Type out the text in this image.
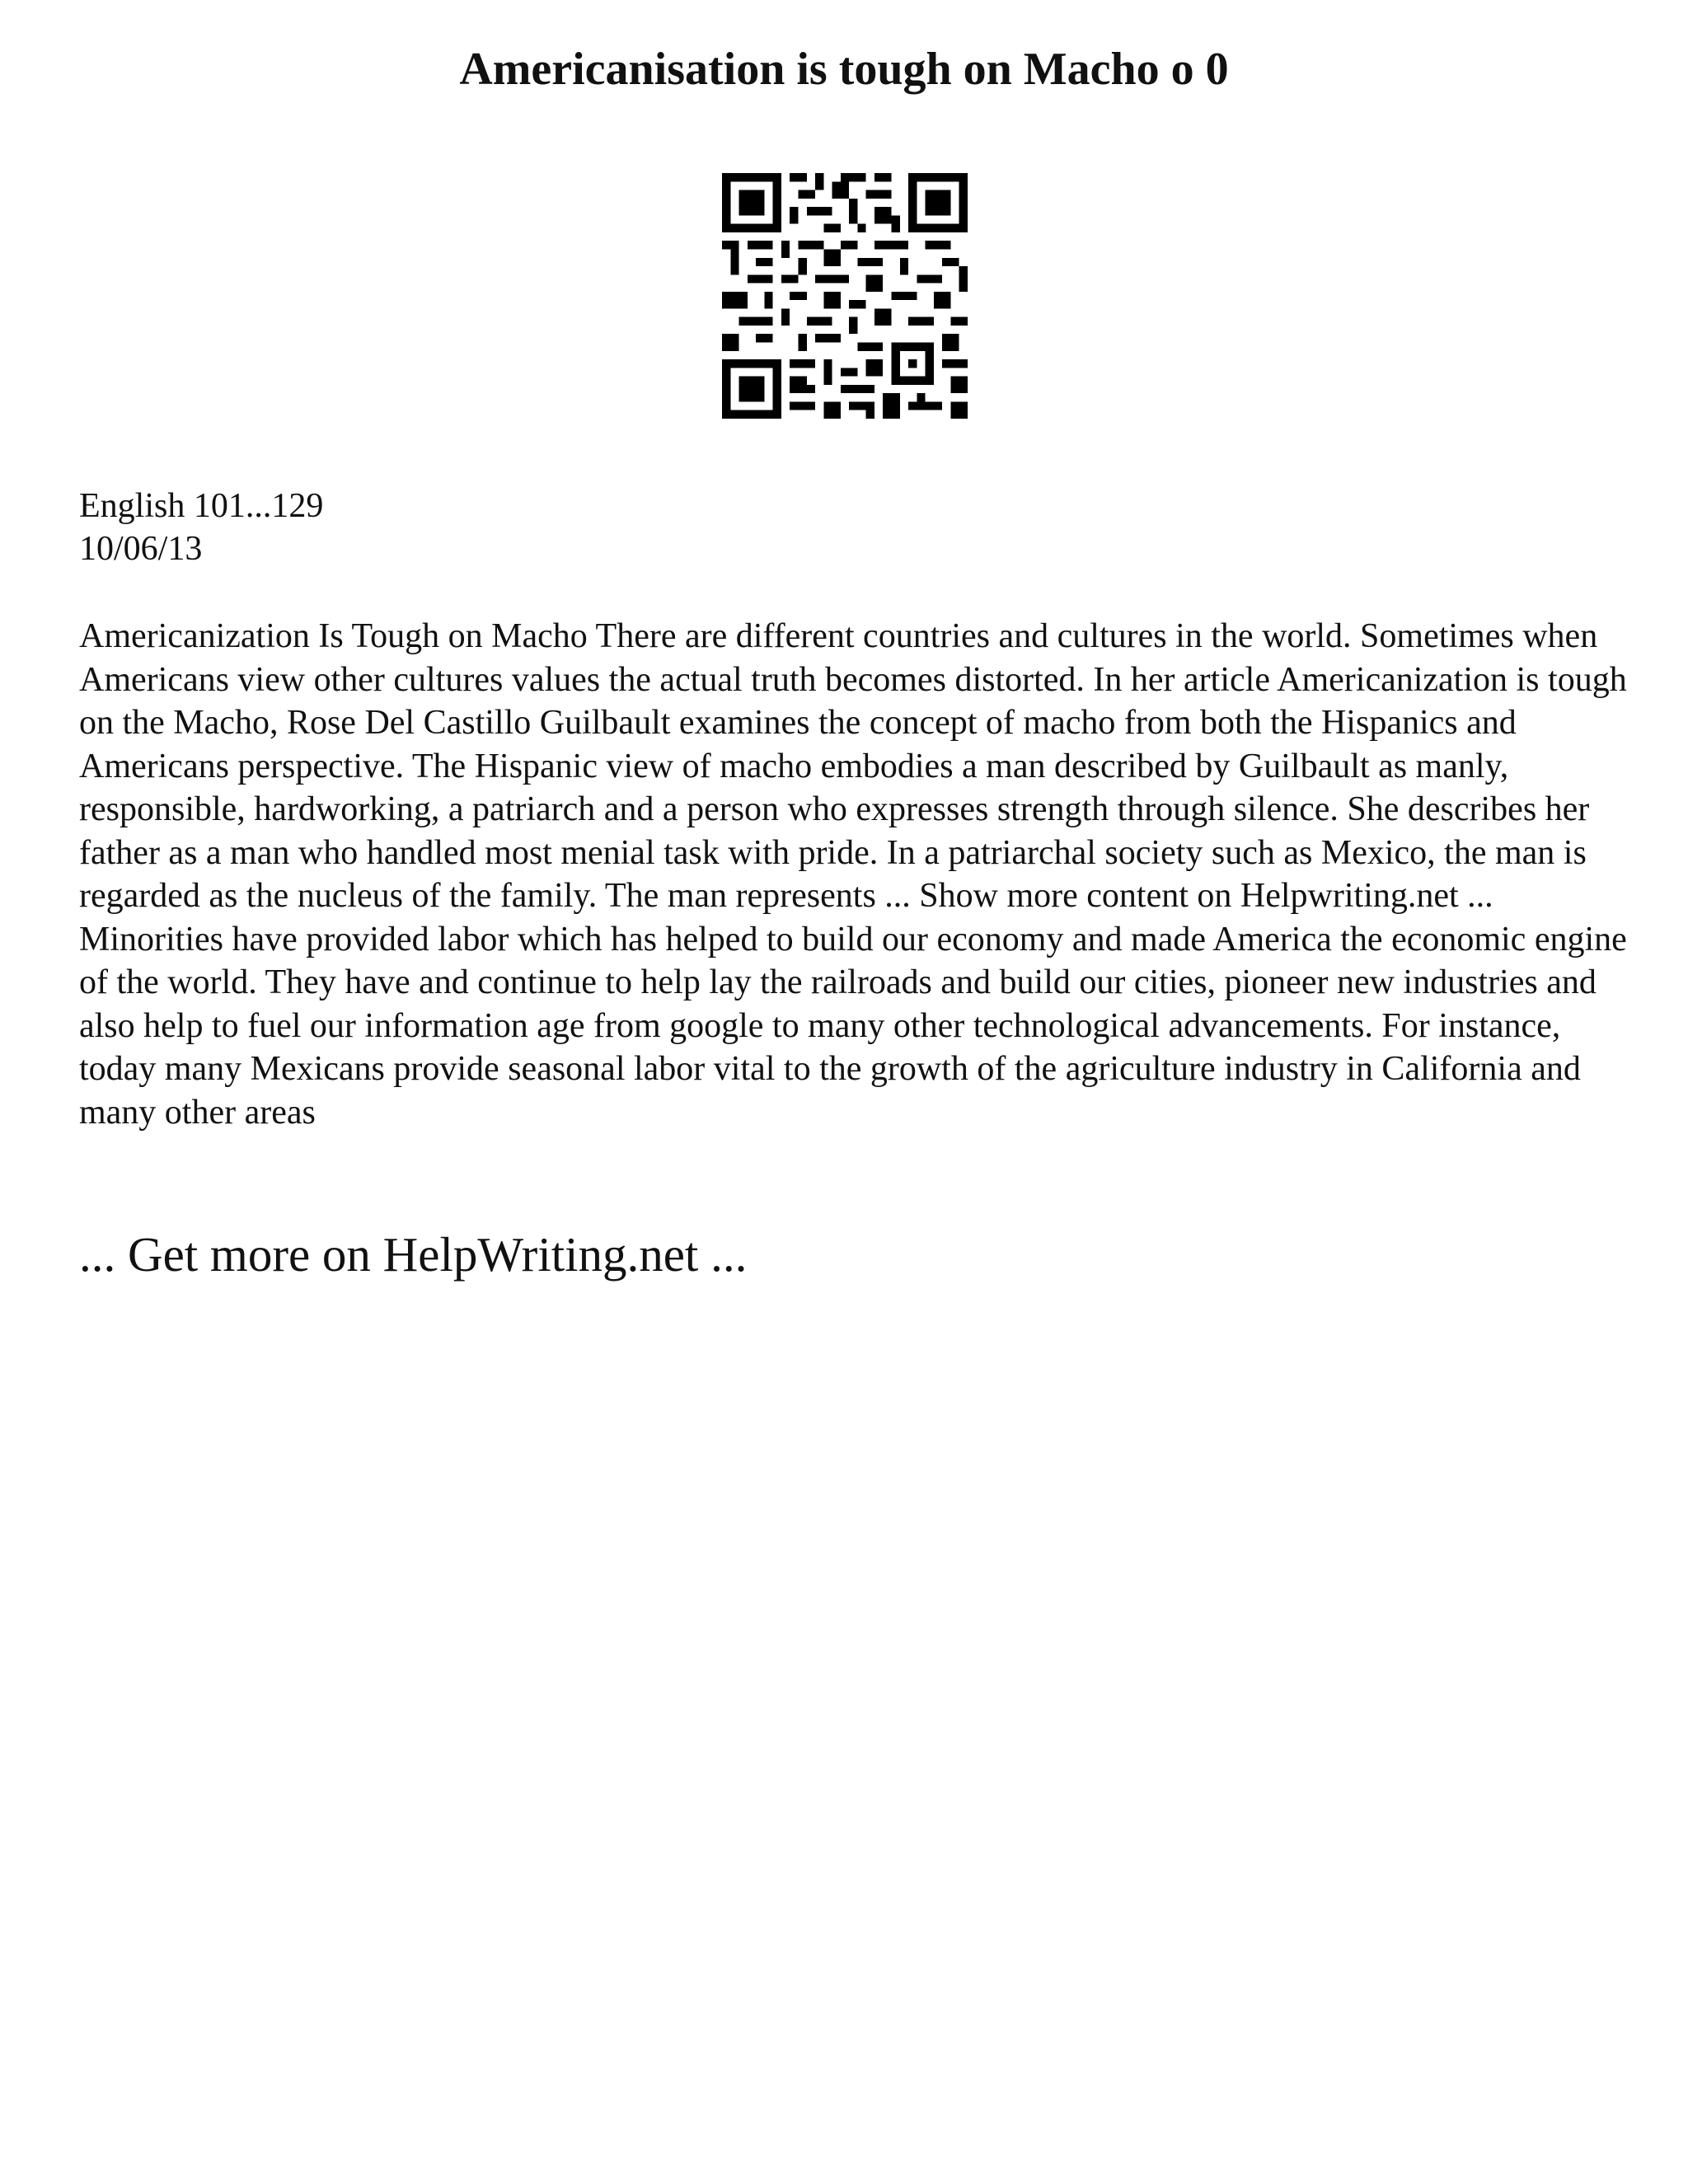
Americanisation is tough on Macho o 0
English 101...129
10/06/13

Americanization Is Tough on Macho There are different countries and cultures in the world. Sometimes when Americans view other cultures values the actual truth becomes distorted. In her article Americanization is tough on the Macho, Rose Del Castillo Guilbault examines the concept of macho from both the Hispanics and Americans perspective. The Hispanic view of macho embodies a man described by Guilbault as manly, responsible, hardworking, a patriarch and a person who expresses strength through silence. She describes her father as a man who handled most menial task with pride. In a patriarchal society such as Mexico, the man is regarded as the nucleus of the family. The man represents ... Show more content on Helpwriting.net ...

Minorities have provided labor which has helped to build our economy and made America the economic engine of the world. They have and continue to help lay the railroads and build our cities, pioneer new industries and also help to fuel our information age from google to many other technological advancements. For instance, today many Mexicans provide seasonal labor vital to the growth of the agriculture industry in California and many other areas

... Get more on HelpWriting.net ...
